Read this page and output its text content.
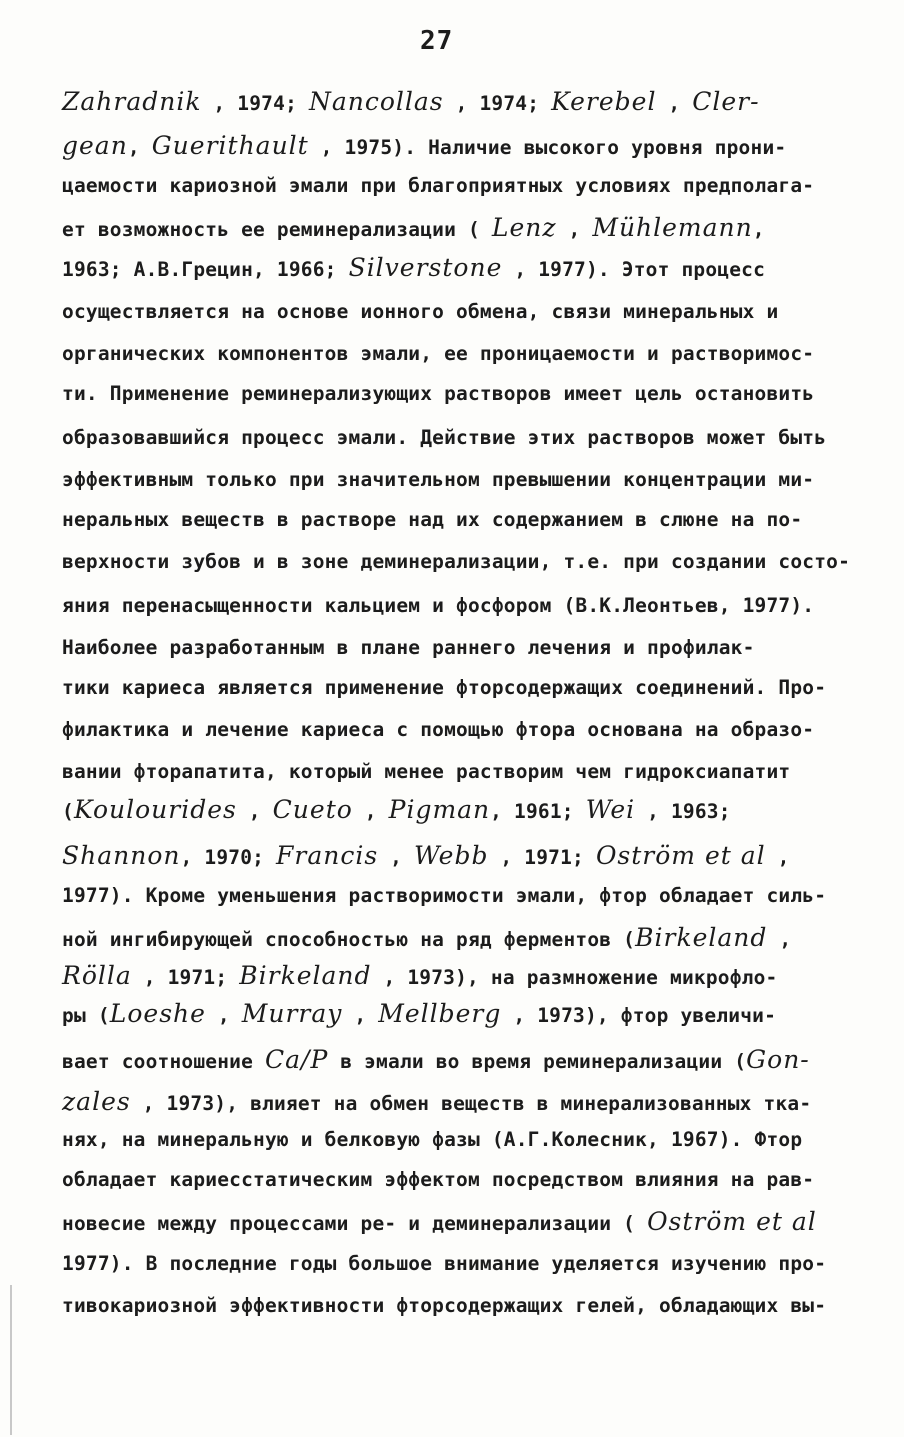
27
Zahradnik , 1974; Nancollas , 1974; Kerebel , Cler-
gean, Guerithault , 1975). Наличие высокого уровня прони-
цаемости кариозной эмали при благоприятных условиях предполага-
ет возможность ее реминерализации ( Lenz , Mühlemann,
1963; А.В.Грецин, 1966; Silverstone , 1977). Этот процесс
осуществляется на основе ионного обмена, связи минеральных и
органических компонентов эмали, ее проницаемости и растворимос-
ти. Применение реминерализующих растворов имеет цель остановить
образовавшийся процесс эмали. Действие этих растворов может быть
эффективным только при значительном превышении концентрации ми-
неральных веществ в растворе над их содержанием в слюне на по-
верхности зубов и в зоне деминерализации, т.е. при создании состо-
яния перенасыщенности кальцием и фосфором (В.К.Леонтьев, 1977).
Наиболее разработанным в плане раннего лечения и профилак-
тики кариеса является применение фторсодержащих соединений. Про-
филактика и лечение кариеса с помощью фтора основана на образо-
вании фторапатита, который менее растворим чем гидроксиапатит
(Koulourides , Cueto , Pigman, 1961; Wei , 1963;
Shannon, 1970; Francis , Webb , 1971; Oström et al ,
1977). Кроме уменьшения растворимости эмали, фтор обладает силь-
ной ингибирующей способностью на ряд ферментов (Birkeland ,
Rölla , 1971; Birkeland , 1973), на размножение микрофло-
ры (Loeshe , Murray , Mellberg , 1973), фтор увеличи-
вает соотношение Ca/P в эмали во время реминерализации (Gon-
zales , 1973), влияет на обмен веществ в минерализованных тка-
нях, на минеральную и белковую фазы (А.Г.Колесник, 1967). Фтор
обладает кариесстатическим эффектом посредством влияния на рав-
новесие между процессами ре- и деминерализации ( Oström et al
1977). В последние годы большое внимание уделяется изучению про-
тивокариозной эффективности фторсодержащих гелей, обладающих вы-
